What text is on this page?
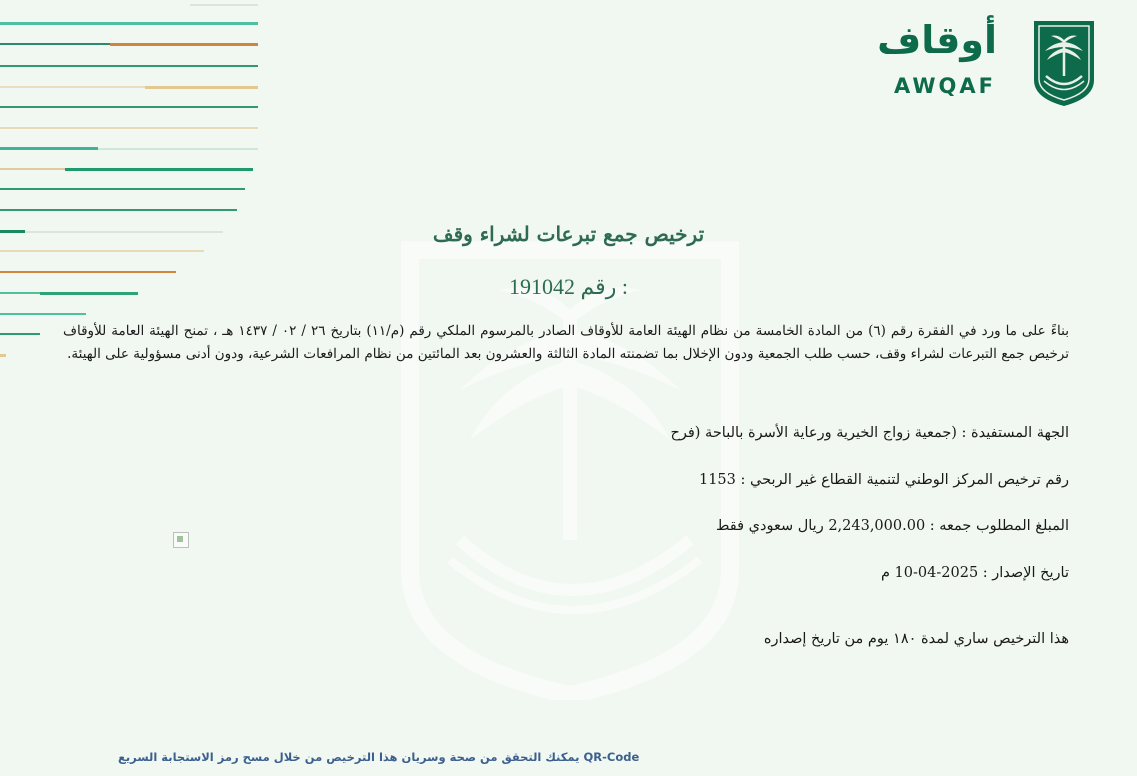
أوقاف
AWQAF
ترخيص جمع تبرعات لشراء وقف
191042 رقم :
بناءً على ما ورد في الفقرة رقم (٦) من المادة الخامسة من نظام الهيئة العامة للأوقاف الصادر بالمرسوم الملكي رقم (م/١١) بتاريخ ٢٦ / ٠٢ / ١٤٣٧ هـ ، تمنح الهيئة العامة للأوقاف ترخيص جمع التبرعات لشراء وقف، حسب طلب الجمعية ودون الإخلال بما تضمنته المادة الثالثة والعشرون بعد المائتين من نظام المرافعات الشرعية، ودون أدنى مسؤولية على الهيئة.
الجهة المستفيدة : (جمعية زواج الخيرية ورعاية الأسرة بالباحة (فرح
رقم ترخيص المركز الوطني لتنمية القطاع غير الربحي : 1153
المبلغ المطلوب جمعه : 2,243,000.00 ريال سعودي فقط
تاريخ الإصدار : 2025-04-10 م
هذا الترخيص ساري لمدة ١٨٠ يوم من تاريخ إصداره
QR-Code يمكنك التحقق من صحة وسريان هذا الترخيص من خلال مسح رمز الاستجابة السريع
